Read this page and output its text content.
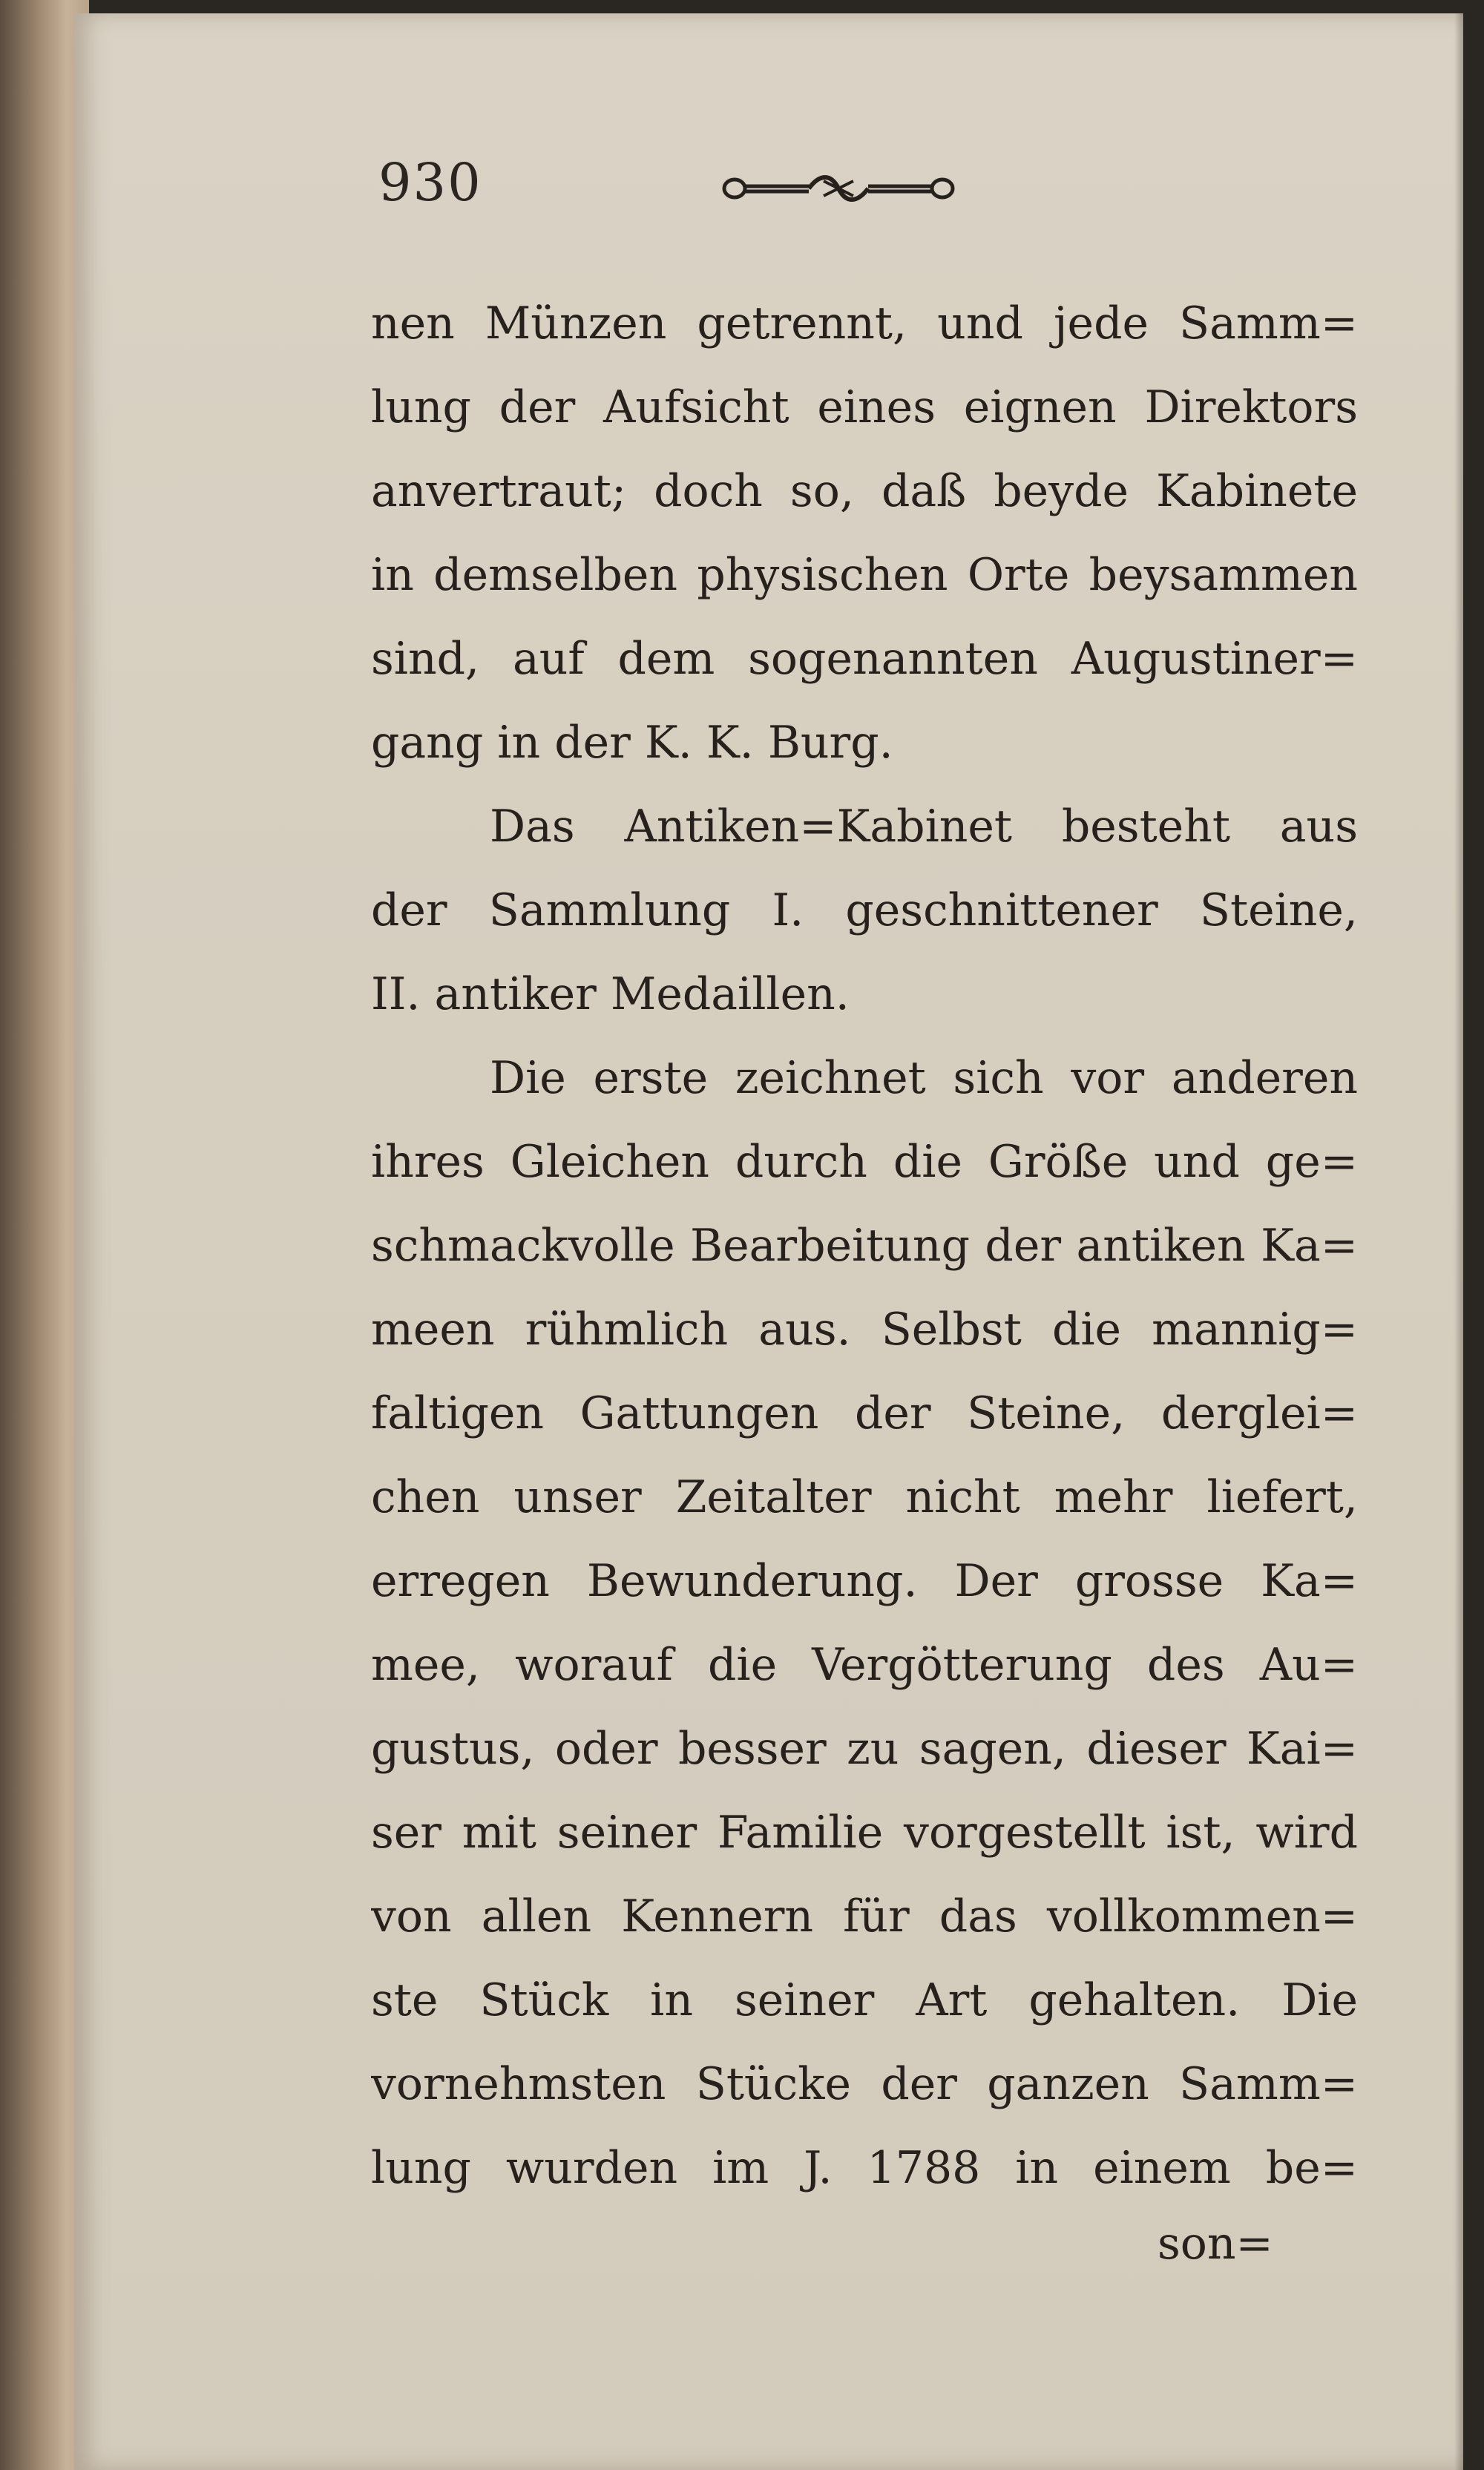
930
nen Münzen getrennt, und jede Samm=
lung der Aufsicht eines eignen Direktors
anvertraut; doch so, daß beyde Kabinete
in demselben physischen Orte beysammen
sind, auf dem sogenannten Augustiner=
gang in der K. K. Burg.
Das Antiken=Kabinet besteht aus
der Sammlung I. geschnittener Steine,
II. antiker Medaillen.
Die erste zeichnet sich vor anderen
ihres Gleichen durch die Größe und ge=
schmackvolle Bearbeitung der antiken Ka=
meen rühmlich aus. Selbst die mannig=
faltigen Gattungen der Steine, derglei=
chen unser Zeitalter nicht mehr liefert,
erregen Bewunderung. Der grosse Ka=
mee, worauf die Vergötterung des Au=
gustus, oder besser zu sagen, dieser Kai=
ser mit seiner Familie vorgestellt ist, wird
von allen Kennern für das vollkommen=
ste Stück in seiner Art gehalten. Die
vornehmsten Stücke der ganzen Samm=
lung wurden im J. 1788 in einem be=
son=
